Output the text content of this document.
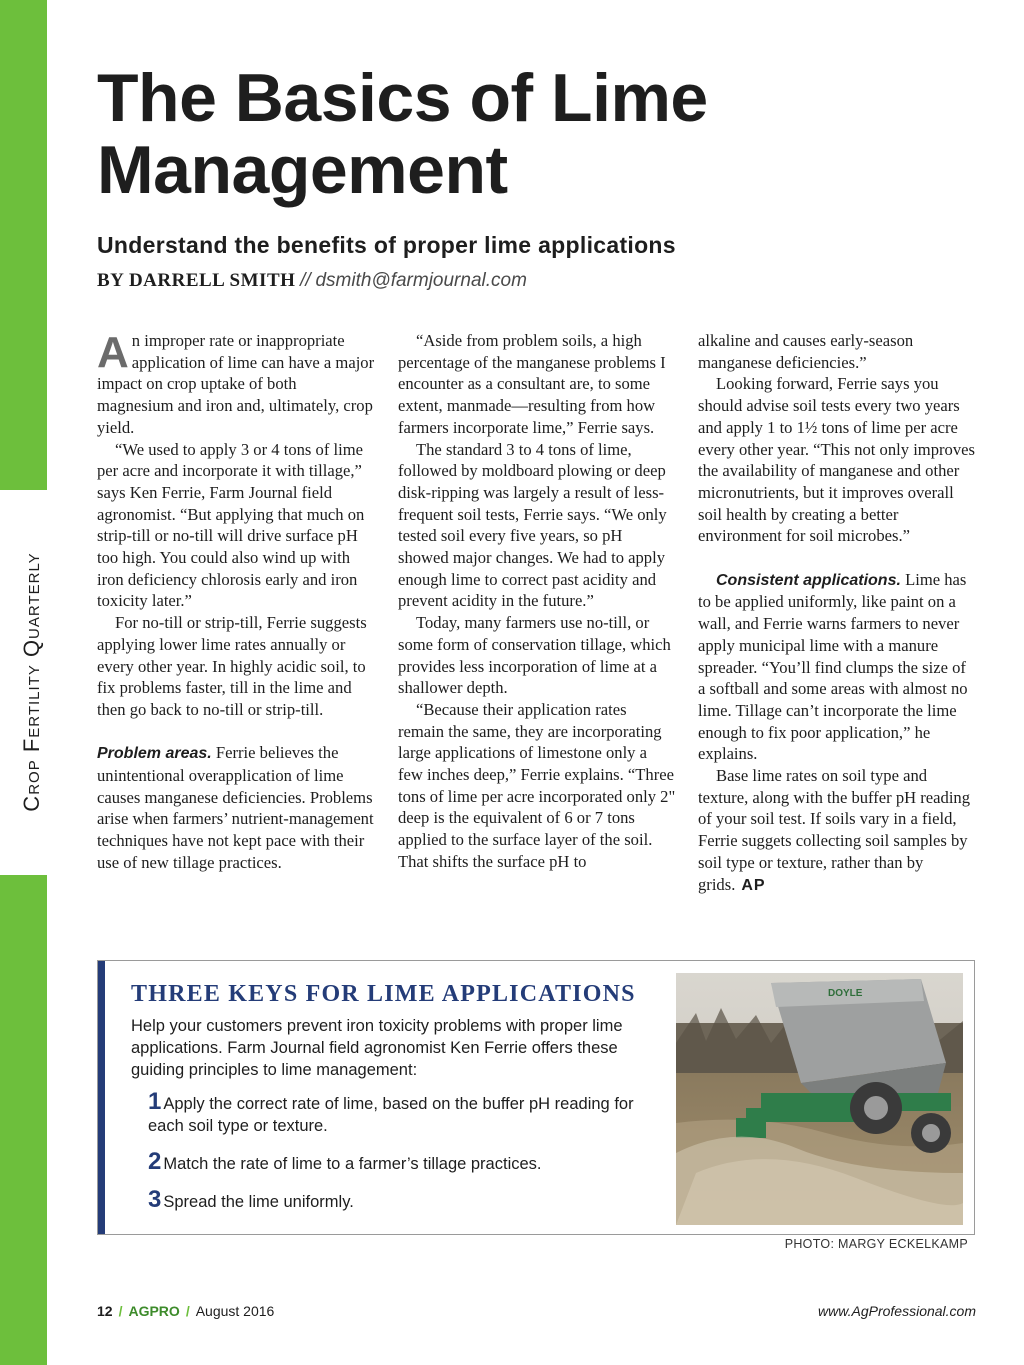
Crop Fertility Quarterly
The Basics of Lime Management
Understand the benefits of proper lime applications
BY DARRELL SMITH // dsmith@farmjournal.com

An improper rate or inappropriate application of lime can have a major impact on crop uptake of both magnesium and iron and, ultimately, crop yield.

“We used to apply 3 or 4 tons of lime per acre and incorporate it with tillage,” says Ken Ferrie, Farm Journal field agronomist. “But applying that much on strip-till or no-till will drive surface pH too high. You could also wind up with iron deficiency chlorosis early and iron toxicity later.”

For no-till or strip-till, Ferrie suggests applying lower lime rates annually or every other year. In highly acidic soil, to fix problems faster, till in the lime and then go back to no-till or strip-till.

Problem areas. Ferrie believes the unintentional overapplication of lime causes manganese deficiencies. Problems arise when farmers’ nutrient-management techniques have not kept pace with their use of new tillage practices.

“Aside from problem soils, a high percentage of the manganese problems I encounter as a consultant are, to some extent, manmade—resulting from how farmers incorporate lime,” Ferrie says.

The standard 3 to 4 tons of lime, followed by moldboard plowing or deep disk-ripping was largely a result of less-frequent soil tests, Ferrie says. “We only tested soil every five years, so pH showed major changes. We had to apply enough lime to correct past acidity and prevent acidity in the future.”

Today, many farmers use no-till, or some form of conservation tillage, which provides less incorporation of lime at a shallower depth.

“Because their application rates remain the same, they are incorporating large applications of limestone only a few inches deep,” Ferrie explains. “Three tons of lime per acre incorporated only 2" deep is the equivalent of 6 or 7 tons applied to the surface layer of the soil. That shifts the surface pH to

alkaline and causes early-season manganese deficiencies.”

Looking forward, Ferrie says you should advise soil tests every two years and apply 1 to 1½ tons of lime per acre every other year. “This not only improves the availability of manganese and other micronutrients, but it improves overall soil health by creating a better environment for soil microbes.”

Consistent applications. Lime has to be applied uniformly, like paint on a wall, and Ferrie warns farmers to never apply municipal lime with a manure spreader. “You’ll find clumps the size of a softball and some areas with almost no lime. Tillage can’t incorporate the lime enough to fix poor application,” he explains.

Base lime rates on soil type and texture, along with the buffer pH reading of your soil test. If soils vary in a field, Ferrie suggets collecting soil samples by soil type or texture, rather than by grids. AP

THREE KEYS FOR LIME APPLICATIONS

Help your customers prevent iron toxicity problems with proper lime applications. Farm Journal field agronomist Ken Ferrie offers these guiding principles to lime management:

1 Apply the correct rate of lime, based on the buffer pH reading for each soil type or texture.
2 Match the rate of lime to a farmer’s tillage practices.
3 Spread the lime uniformly.
DOYLE
PHOTO: MARGY ECKELKAMP
12 / AGPRO / August 2016	www.AgProfessional.com
